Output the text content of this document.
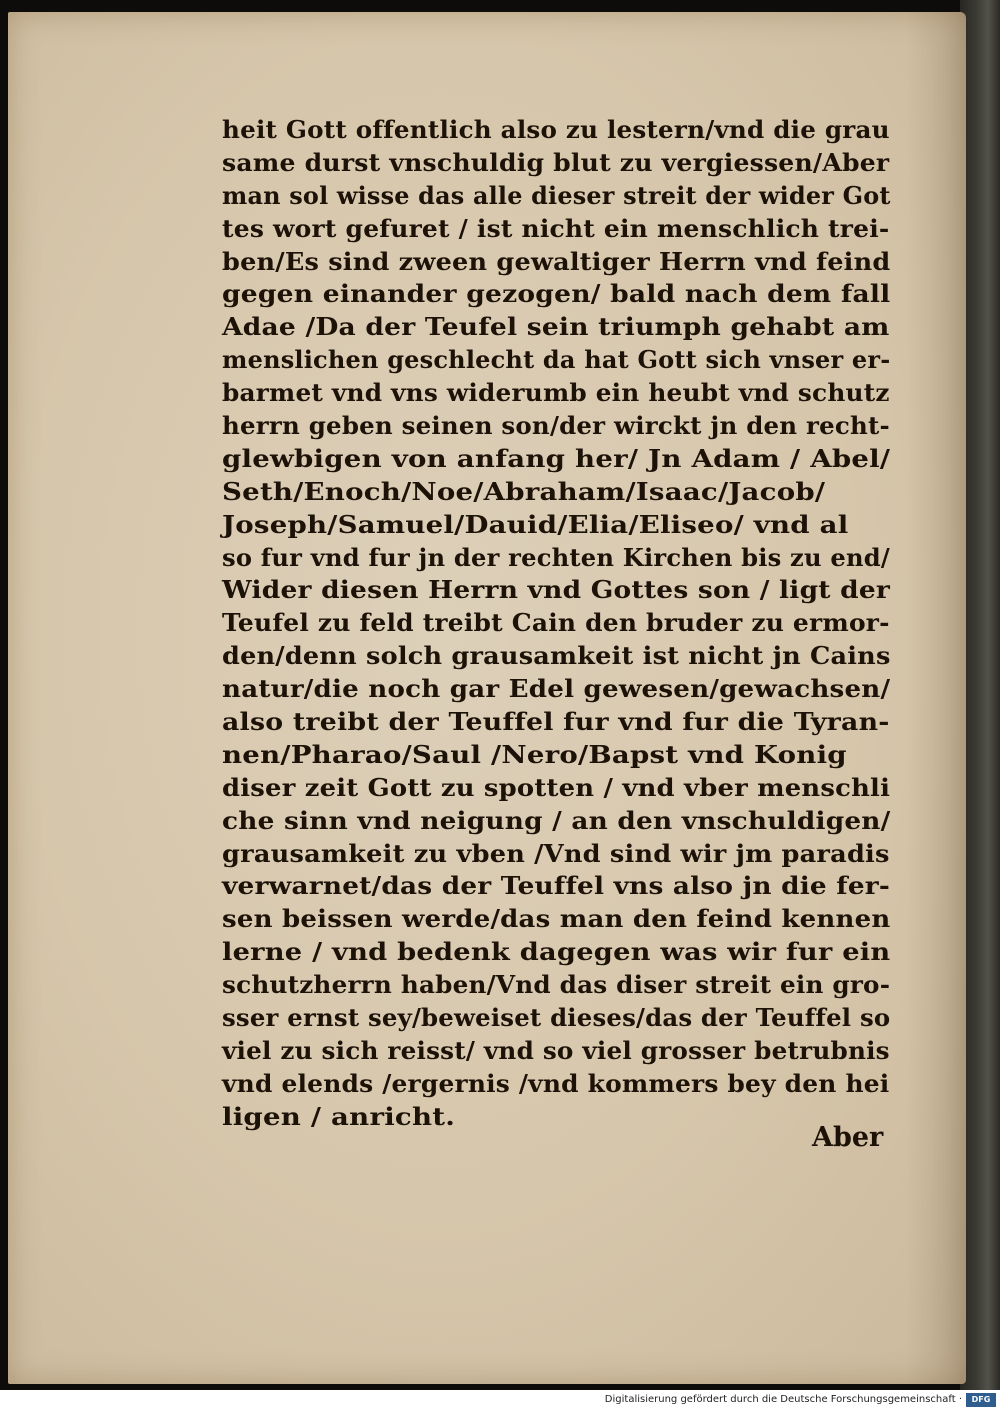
heit Gott offentlich also zu lestern/vnd die grau
same durst vnschuldig blut zu vergiessen/Aber
man sol wisse das alle dieser streit der wider Got
tes wort gefuret / ist nicht ein menschlich trei-
ben/Es sind zween gewaltiger Herrn vnd feind
gegen einander gezogen/ bald nach dem fall
Adae /Da der Teufel sein triumph gehabt am
menslichen geschlecht da hat Gott sich vnser er-
barmet vnd vns widerumb ein heubt vnd schutz
herrn geben seinen son/der wirckt jn den recht-
glewbigen von anfang her/ Jn Adam / Abel/
Seth/Enoch/Noe/Abraham/Isaac/Jacob/
Joseph/Samuel/Dauid/Elia/Eliseo/ vnd al
so fur vnd fur jn der rechten Kirchen bis zu end/
Wider diesen Herrn vnd Gottes son / ligt der
Teufel zu feld treibt Cain den bruder zu ermor-
den/denn solch grausamkeit ist nicht jn Cains
natur/die noch gar Edel gewesen/gewachsen/
also treibt der Teuffel fur vnd fur die Tyran-
nen/Pharao/Saul /Nero/Bapst vnd Konig
diser zeit Gott zu spotten / vnd vber menschli
che sinn vnd neigung / an den vnschuldigen/
grausamkeit zu vben /Vnd sind wir jm paradis
verwarnet/das der Teuffel vns also jn die fer-
sen beissen werde/das man den feind kennen
lerne / vnd bedenk dagegen was wir fur ein
schutzherrn haben/Vnd das diser streit ein gro-
sser ernst sey/beweiset dieses/das der Teuffel so
viel zu sich reisst/ vnd so viel grosser betrubnis
vnd elends /ergernis /vnd kommers bey den hei
ligen / anricht.
Aber
Digitalisierung gefördert durch die Deutsche Forschungsgemeinschaft ·	DFG
